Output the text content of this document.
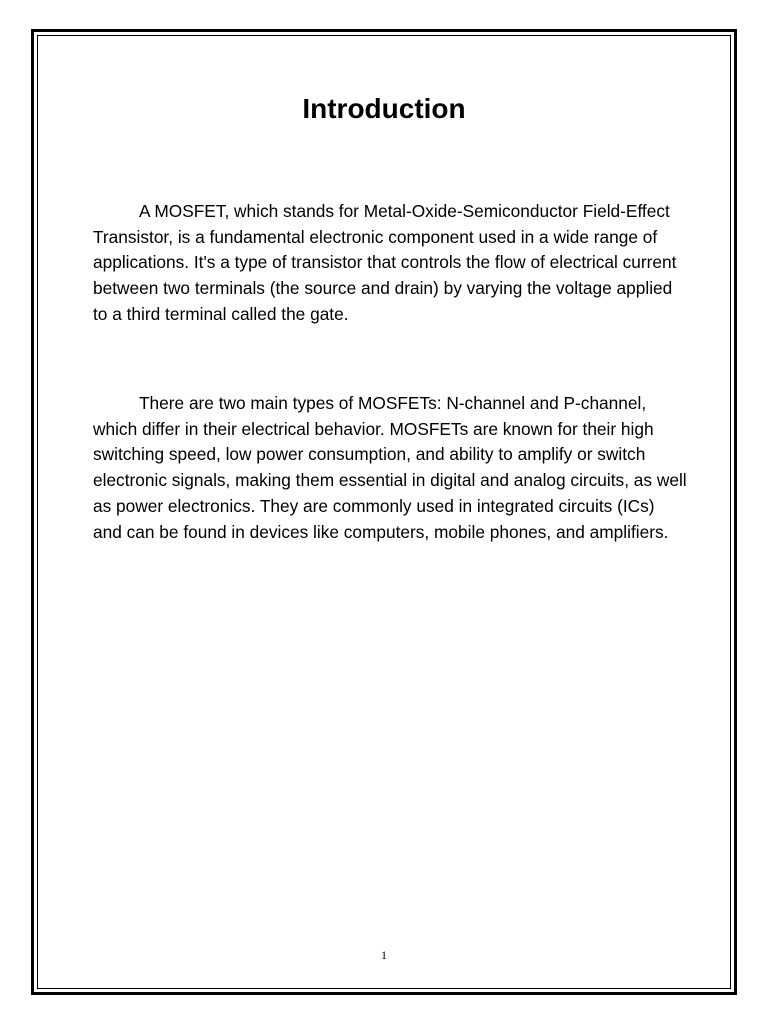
Introduction

A MOSFET, which stands for Metal-Oxide-Semiconductor Field-Effect Transistor, is a fundamental electronic component used in a wide range of applications. It's a type of transistor that controls the flow of electrical current between two terminals (the source and drain) by varying the voltage applied to a third terminal called the gate.

There are two main types of MOSFETs: N-channel and P-channel, which differ in their electrical behavior. MOSFETs are known for their high switching speed, low power consumption, and ability to amplify or switch electronic signals, making them essential in digital and analog circuits, as well as power electronics. They are commonly used in integrated circuits (ICs) and can be found in devices like computers, mobile phones, and amplifiers.

1
